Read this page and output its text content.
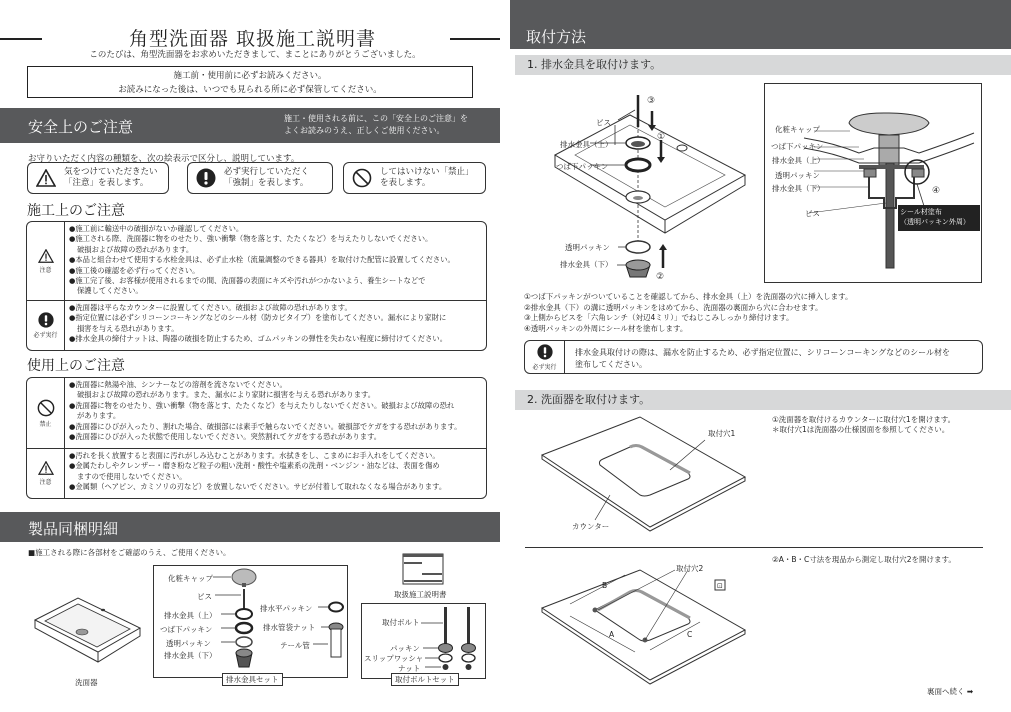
角型洗面器 取扱施工説明書
このたびは、角型洗面器をお求めいただきまして、まことにありがとうございました。
施工前・使用前に必ずお読みください。
お読みになった後は、いつでも見られる所に必ず保管してください。
安全上のご注意	施工・使用される前に、この「安全上のご注意」を
よくお読みのうえ、正しくご使用ください。
お守りいただく内容の種類を、次の絵表示で区分し、説明しています。
気をつけていただきたい
「注意」を表します。
必ず実行していただく
「強制」を表します。
してはいけない「禁止」
を表します。
施工上のご注意
注意
●施工前に輸送中の破損がないか確認してください。
●施工される際、洗面器に物をのせたり、強い衝撃（物を落とす、たたくなど）を与えたりしないでください。
破損および故障の恐れがあります。
●本品と組合わせて使用する水栓金具は、必ず止水栓（流量調整のできる器具）を取付けた配管に設置してください。
●施工後の確認を必ず行ってください。
●施工完了後、お客様が使用されるまでの間、洗面器の表面にキズや汚れがつかないよう、養生シートなどで
保護してください。
必ず実行
●洗面器は平らなカウンターに設置してください。破損および故障の恐れがあります。
●指定位置には必ずシリコーンコーキングなどのシール材（防カビタイプ）を塗布してください。漏水により家財に
損害を与える恐れがあります。
●排水金具の締付ナットは、陶器の破損を防止するため、ゴムパッキンの弾性を失わない程度に締付けてください。
使用上のご注意
禁止
●洗面器に熱湯や油、シンナーなどの溶剤を流さないでください。
破損および故障の恐れがあります。また、漏水により家財に損害を与える恐れがあります。
●洗面器に物をのせたり、強い衝撃（物を落とす、たたくなど）を与えたりしないでください。破損および故障の恐れ
があります。
●洗面器にひびが入ったり、割れた場合、破損部には素手で触らないでください。破損部でケガをする恐れがあります。
●洗面器にひびが入った状態で使用しないでください。突然割れてケガをする恐れがあります。
注意
●汚れを長く放置すると表面に汚れがしみ込むことがあります。水拭きをし、こまめにお手入れをしてください。
●金属たわしやクレンザー・磨き粉など粒子の粗い洗剤・酸性や塩素系の洗剤・ベンジン・油などは、表面を傷め
ますので使用しないでください。
●金属類（ヘアピン、カミソリの刃など）を放置しないでください。サビが付着して取れなくなる場合があります。
製品同梱明細
■施工される際に各部材をご確認のうえ、ご使用ください。
洗面器
化粧キャップ
ビス
排水金具（上）
つば下パッキン
透明パッキン
排水金具（下）
排水平パッキン
排水管袋ナット
テール管
排水金具セット
取扱施工説明書
取付ボルト
パッキン
スリップワッシャ
ナット
取付ボルトセット
取付方法
1. 排水金具を取付けます。
③
①
②
ビス
排水金具（上）
つば下パッキン
透明パッキン
排水金具（下）
④
化粧キャップ
つば下パッキン
排水金具（上）
透明パッキン
排水金具（下）
ビス	シール材塗布
（透明パッキン外周）
①つば下パッキンがついていることを確認してから、排水金具（上）を洗面器の穴に挿入します。
②排水金具（下）の溝に透明パッキンをはめてから、洗面器の裏面から穴に合わせます。
③上側からビスを「六角レンチ（対辺4ミリ）」でねじこみしっかり締付けます。
④透明パッキンの外周にシール材を塗布します。
必ず実行
排水金具取付けの際は、漏水を防止するため、必ず指定位置に、シリコーンコーキングなどのシール材を
塗布してください。
2. 洗面器を取付けます。
取付穴1
カウンター
①洗面器を取付けるカウンターに取付穴1を開けます。
＊取付穴1は洗面器の仕様図面を参照してください。
⊡
取付穴2
B
A	C
②A・B・C寸法を現品から測定し取付穴2を開けます。
裏面へ続く ➡
